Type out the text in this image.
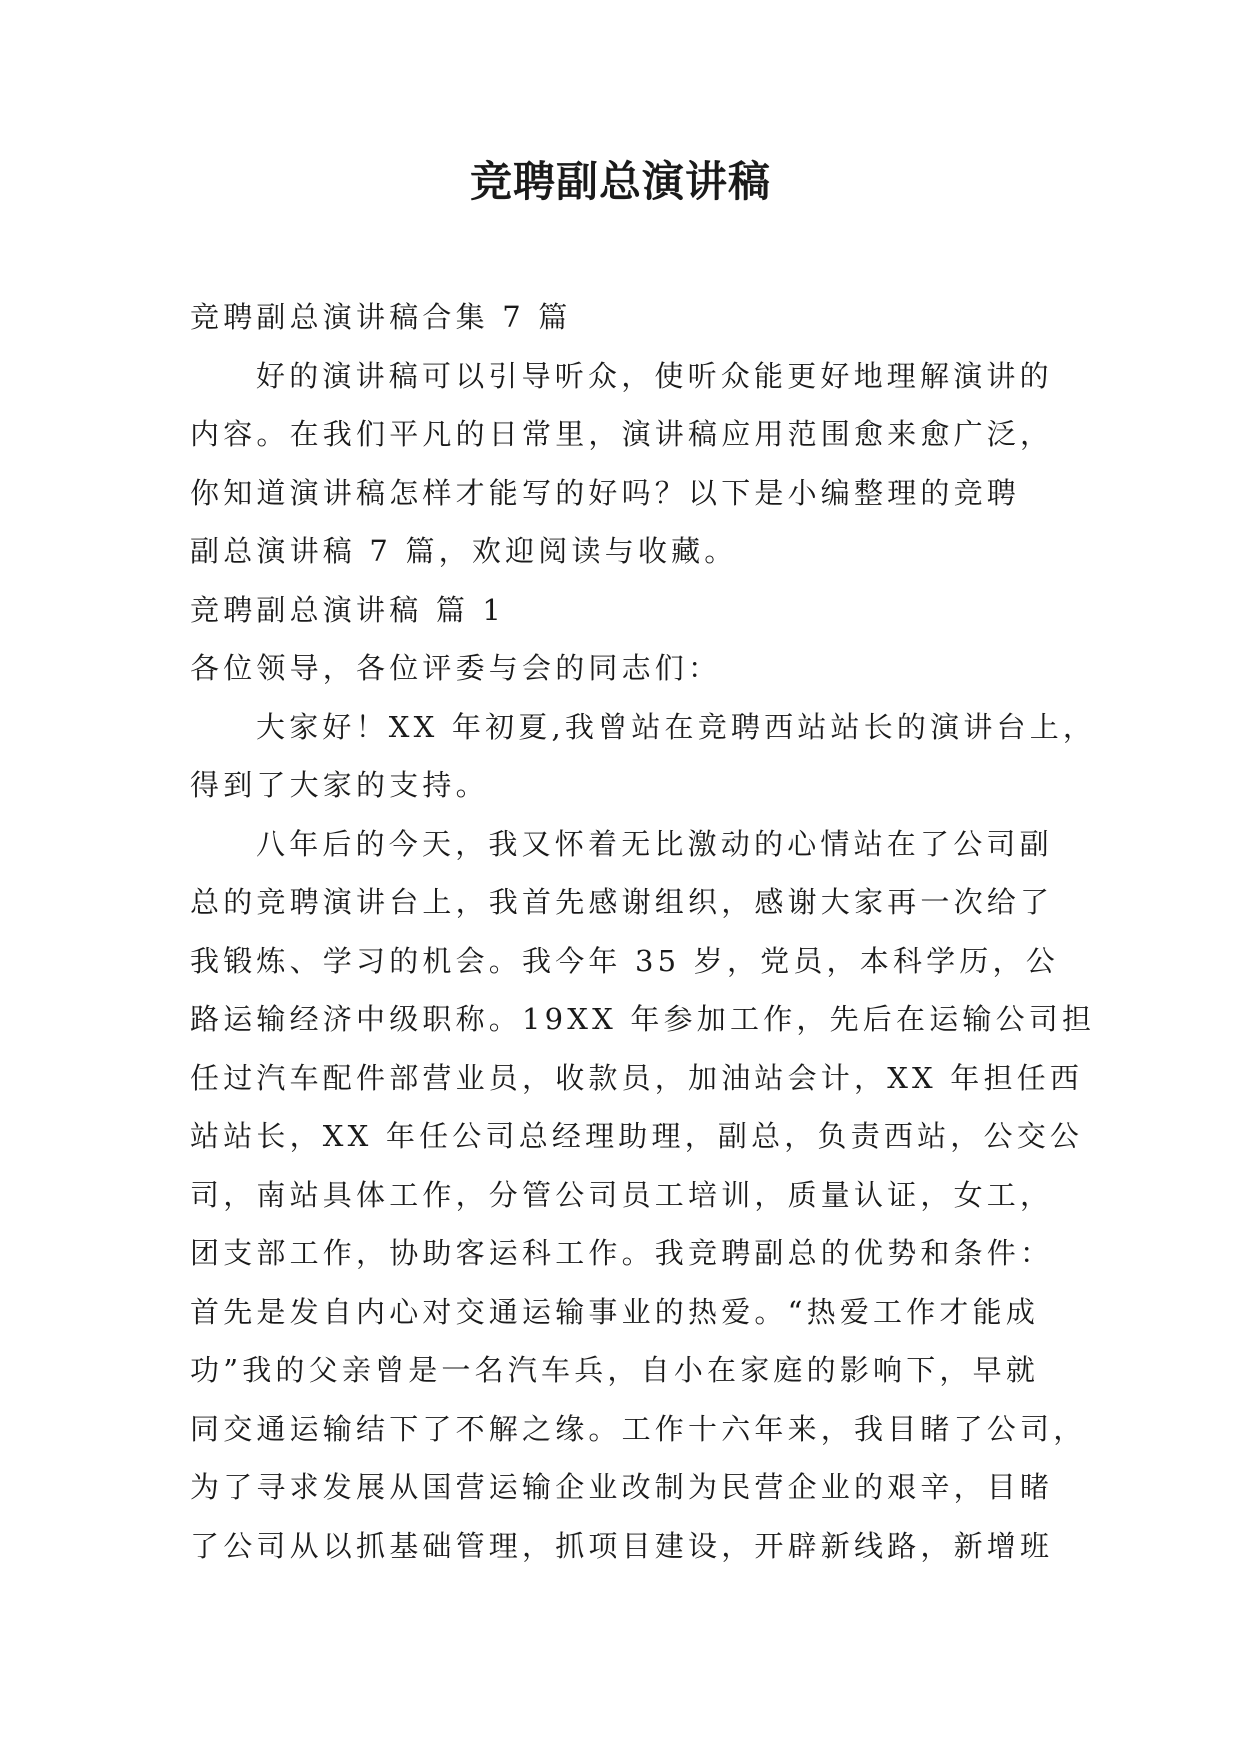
竞聘副总演讲稿

竞聘副总演讲稿合集 7 篇

好的演讲稿可以引导听众，使听众能更好地理解演讲的

内容。在我们平凡的日常里，演讲稿应用范围愈来愈广泛，

你知道演讲稿怎样才能写的好吗？以下是小编整理的竞聘

副总演讲稿 7 篇，欢迎阅读与收藏。

竞聘副总演讲稿 篇 1

各位领导，各位评委与会的同志们：

大家好！XX 年初夏,我曾站在竞聘西站站长的演讲台上，

得到了大家的支持。

八年后的今天，我又怀着无比激动的心情站在了公司副

总的竞聘演讲台上，我首先感谢组织，感谢大家再一次给了

我锻炼、学习的机会。我今年 35 岁，党员，本科学历，公

路运输经济中级职称。19XX 年参加工作，先后在运输公司担

任过汽车配件部营业员，收款员，加油站会计，XX 年担任西

站站长，XX 年任公司总经理助理，副总，负责西站，公交公

司，南站具体工作，分管公司员工培训，质量认证，女工，

团支部工作，协助客运科工作。我竞聘副总的优势和条件：

首先是发自内心对交通运输事业的热爱。“热爱工作才能成

功”我的父亲曾是一名汽车兵，自小在家庭的影响下，早就

同交通运输结下了不解之缘。工作十六年来，我目睹了公司，

为了寻求发展从国营运输企业改制为民营企业的艰辛，目睹

了公司从以抓基础管理，抓项目建设，开辟新线路，新增班
